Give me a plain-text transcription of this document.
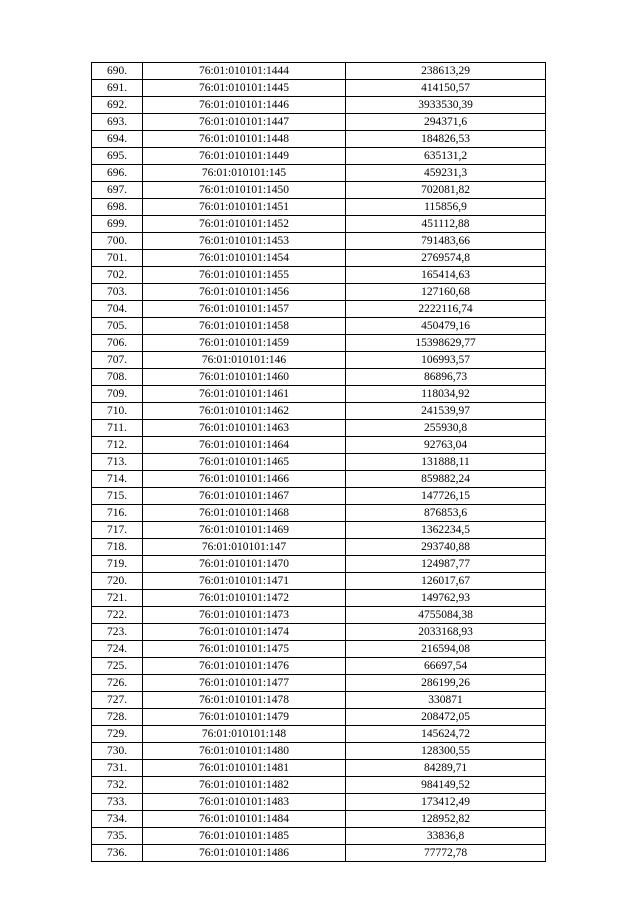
690.	76:01:010101:1444	238613,29
691.	76:01:010101:1445	414150,57
692.	76:01:010101:1446	3933530,39
693.	76:01:010101:1447	294371,6
694.	76:01:010101:1448	184826,53
695.	76:01:010101:1449	635131,2
696.	76:01:010101:145	459231,3
697.	76:01:010101:1450	702081,82
698.	76:01:010101:1451	115856,9
699.	76:01:010101:1452	451112,88
700.	76:01:010101:1453	791483,66
701.	76:01:010101:1454	2769574,8
702.	76:01:010101:1455	165414,63
703.	76:01:010101:1456	127160,68
704.	76:01:010101:1457	2222116,74
705.	76:01:010101:1458	450479,16
706.	76:01:010101:1459	15398629,77
707.	76:01:010101:146	106993,57
708.	76:01:010101:1460	86896,73
709.	76:01:010101:1461	118034,92
710.	76:01:010101:1462	241539,97
711.	76:01:010101:1463	255930,8
712.	76:01:010101:1464	92763,04
713.	76:01:010101:1465	131888,11
714.	76:01:010101:1466	859882,24
715.	76:01:010101:1467	147726,15
716.	76:01:010101:1468	876853,6
717.	76:01:010101:1469	1362234,5
718.	76:01:010101:147	293740,88
719.	76:01:010101:1470	124987,77
720.	76:01:010101:1471	126017,67
721.	76:01:010101:1472	149762,93
722.	76:01:010101:1473	4755084,38
723.	76:01:010101:1474	2033168,93
724.	76:01:010101:1475	216594,08
725.	76:01:010101:1476	66697,54
726.	76:01:010101:1477	286199,26
727.	76:01:010101:1478	330871
728.	76:01:010101:1479	208472,05
729.	76:01:010101:148	145624,72
730.	76:01:010101:1480	128300,55
731.	76:01:010101:1481	84289,71
732.	76:01:010101:1482	984149,52
733.	76:01:010101:1483	173412,49
734.	76:01:010101:1484	128952,82
735.	76:01:010101:1485	33836,8
736.	76:01:010101:1486	77772,78
